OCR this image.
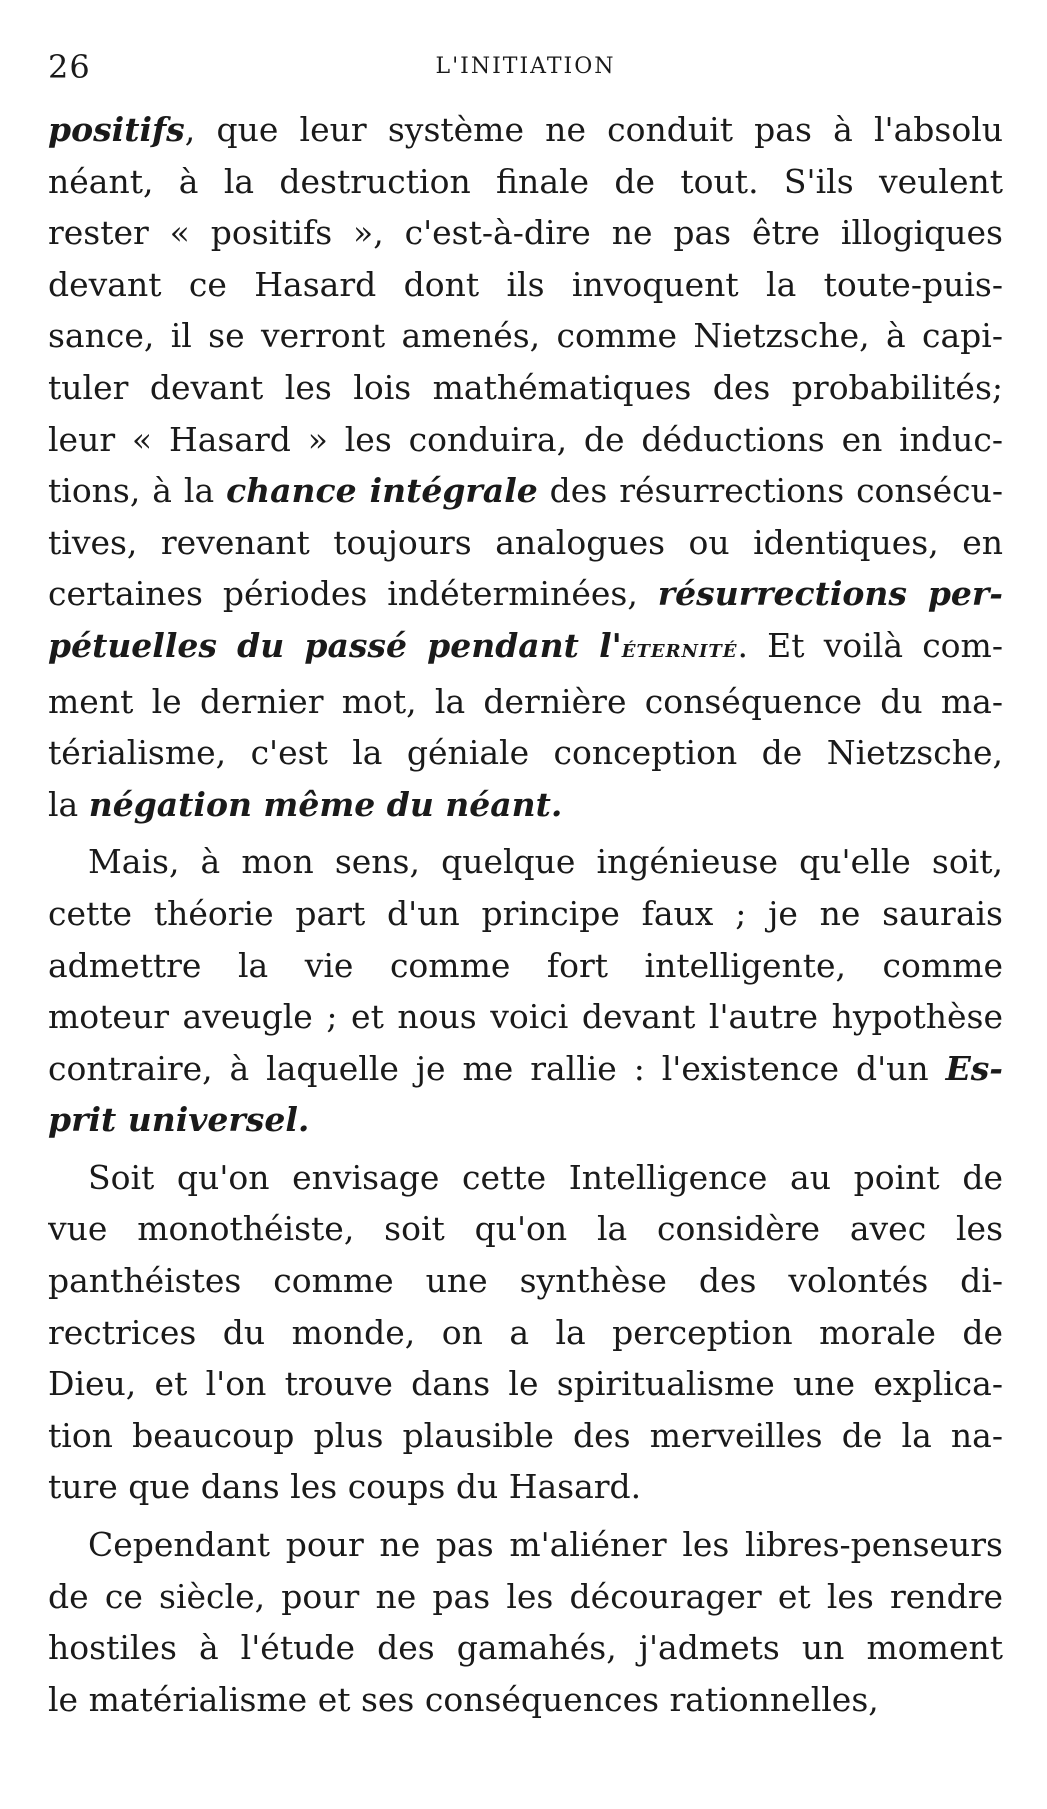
26	L'INITIATION
positifs, que leur système ne conduit pas à l'absolu
néant, à la destruction finale de tout. S'ils veulent
rester « positifs », c'est-à-dire ne pas être illogiques
devant ce Hasard dont ils invoquent la toute-puis-
sance, il se verront amenés, comme Nietzsche, à capi-
tuler devant les lois mathématiques des probabilités;
leur « Hasard » les conduira, de déductions en induc-
tions, à la chance intégrale des résurrections consécu-
tives, revenant toujours analogues ou identiques, en
certaines périodes indéterminées, résurrections per-
pétuelles du passé pendant l'éternité. Et voilà com-
ment le dernier mot, la dernière conséquence du ma-
térialisme, c'est la géniale conception de Nietzsche,
la négation même du néant.
Mais, à mon sens, quelque ingénieuse qu'elle soit,
cette théorie part d'un principe faux ; je ne saurais
admettre la vie comme fort intelligente, comme
moteur aveugle ; et nous voici devant l'autre hypothèse
contraire, à laquelle je me rallie : l'existence d'un Es-
prit universel.
Soit qu'on envisage cette Intelligence au point de
vue monothéiste, soit qu'on la considère avec les
panthéistes comme une synthèse des volontés di-
rectrices du monde, on a la perception morale de
Dieu, et l'on trouve dans le spiritualisme une explica-
tion beaucoup plus plausible des merveilles de la na-
ture que dans les coups du Hasard.
Cependant pour ne pas m'aliéner les libres-penseurs
de ce siècle, pour ne pas les décourager et les rendre
hostiles à l'étude des gamahés, j'admets un moment
le matérialisme et ses conséquences rationnelles,
